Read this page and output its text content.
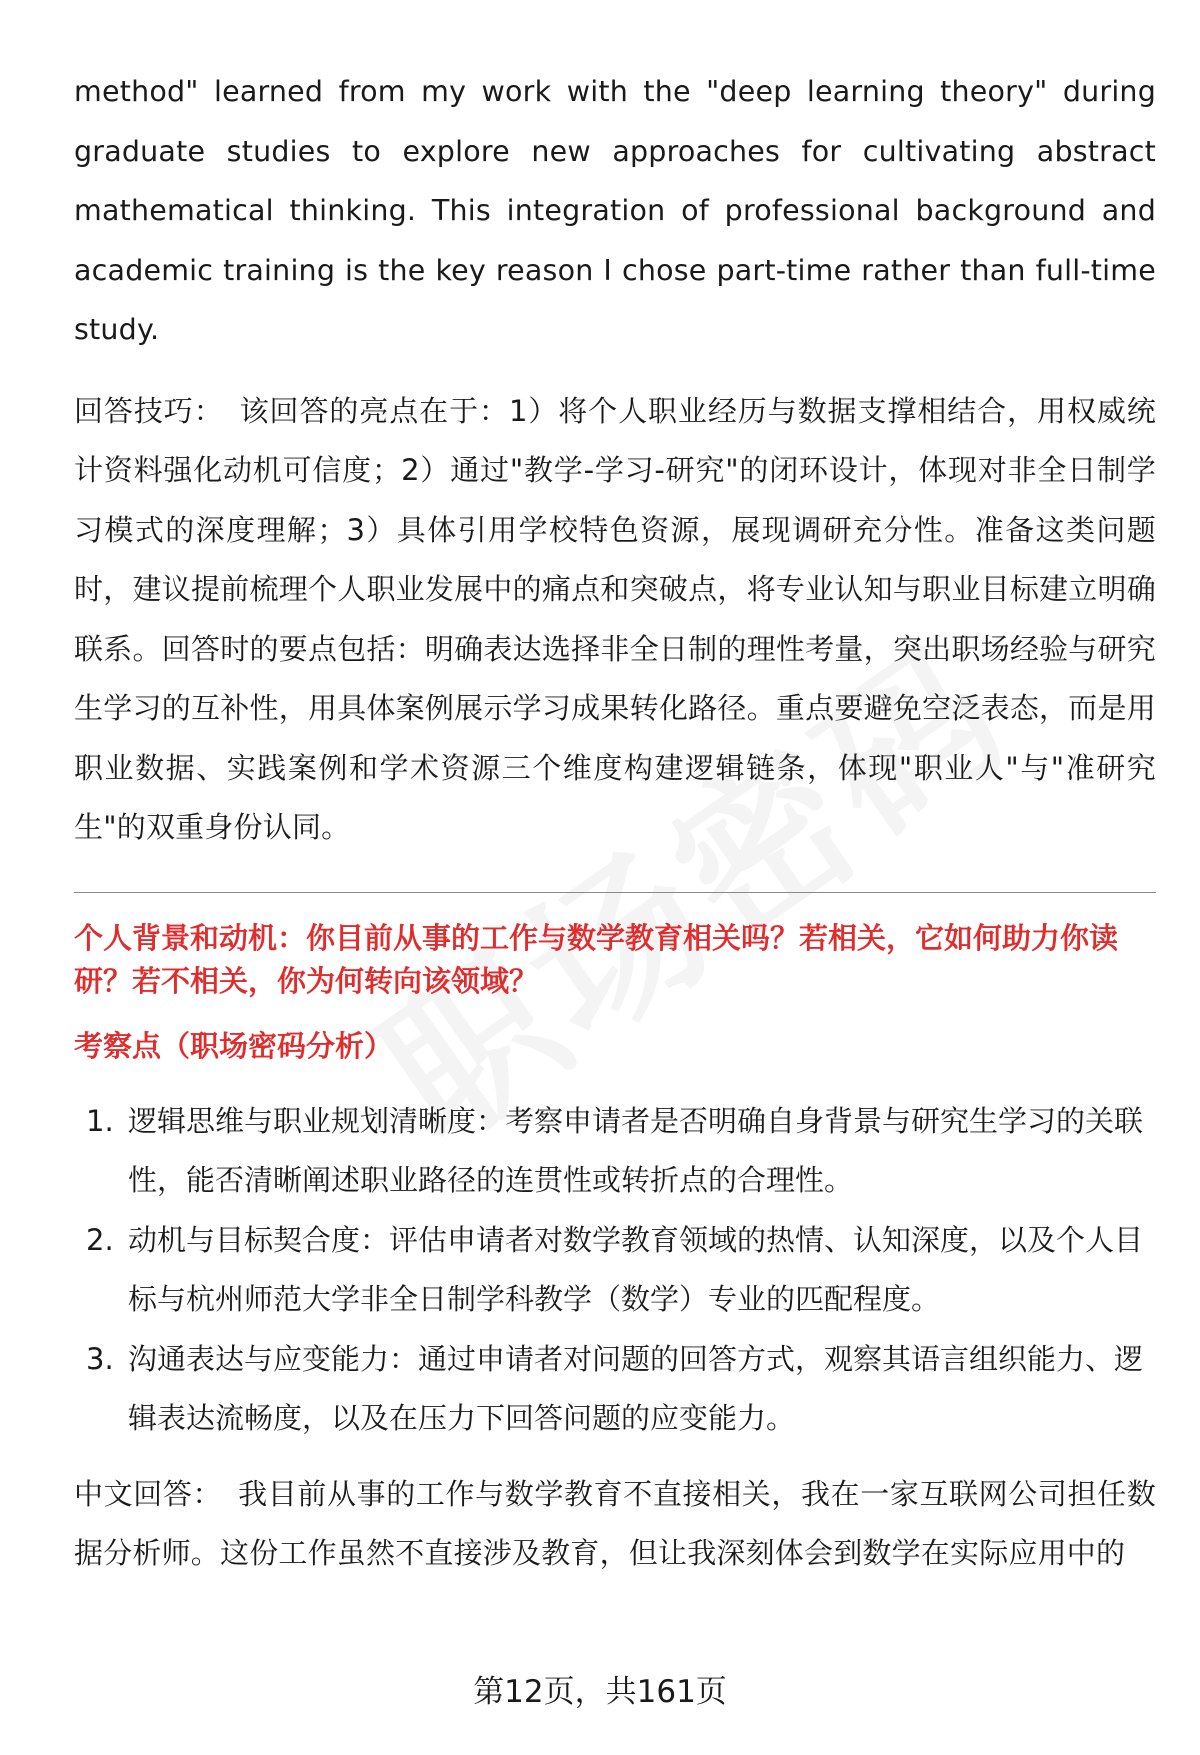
method" learned from my work with the "deep learning theory" during graduate studies to explore new approaches for cultivating abstract mathematical thinking. This integration of professional background and academic training is the key reason I chose part-time rather than full-time study.

回答技巧： 该回答的亮点在于：1）将个人职业经历与数据支撑相结合，用权威统计资料强化动机可信度；2）通过"教学-学习-研究"的闭环设计，体现对非全日制学习模式的深度理解；3）具体引用学校特色资源，展现调研充分性。准备这类问题时，建议提前梳理个人职业发展中的痛点和突破点，将专业认知与职业目标建立明确联系。回答时的要点包括：明确表达选择非全日制的理性考量，突出职场经验与研究生学习的互补性，用具体案例展示学习成果转化路径。重点要避免空泛表态，而是用职业数据、实践案例和学术资源三个维度构建逻辑链条，体现"职业人"与"准研究生"的双重身份认同。

个人背景和动机：你目前从事的工作与数学教育相关吗？若相关，它如何助力你读研？若不相关，你为何转向该领域？

考察点（职场密码分析）

1. 逻辑思维与职业规划清晰度：考察申请者是否明确自身背景与研究生学习的关联性，能否清晰阐述职业路径的连贯性或转折点的合理性。
2. 动机与目标契合度：评估申请者对数学教育领域的热情、认知深度，以及个人目标与杭州师范大学非全日制学科教学（数学）专业的匹配程度。
3. 沟通表达与应变能力：通过申请者对问题的回答方式，观察其语言组织能力、逻辑表达流畅度，以及在压力下回答问题的应变能力。

中文回答： 我目前从事的工作与数学教育不直接相关，我在一家互联网公司担任数据分析师。这份工作虽然不直接涉及教育，但让我深刻体会到数学在实际应用中的

第12页，共161页
